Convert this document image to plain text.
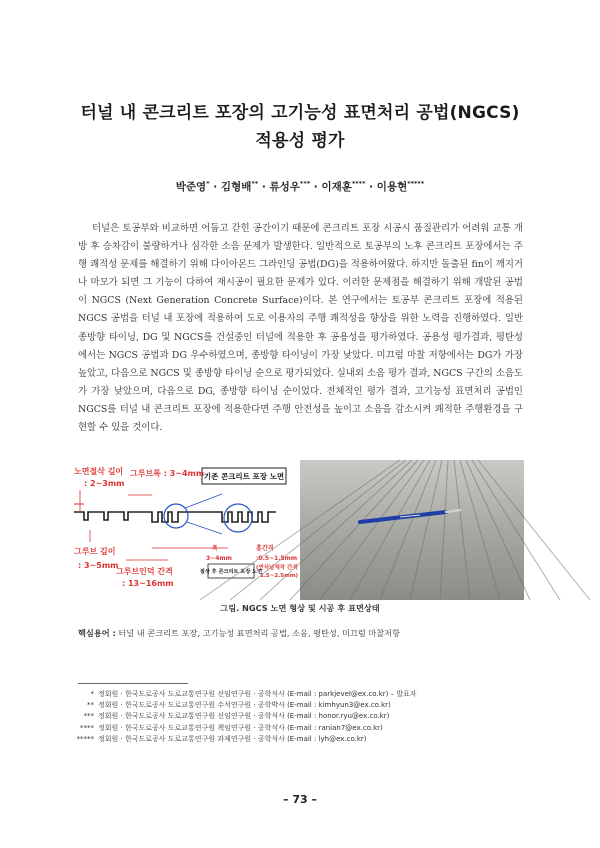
터널 내 콘크리트 포장의 고기능성 표면처리 공법(NGCS)
적용성 평가
박준영* · 김형배** · 류성우*** · 이재훈**** · 이용현*****
터널은 토공부와 비교하면 어둡고 갇힌 공간이기 때문에 콘크리트 포장 시공시 품질관리가 어려워 교통 개방 후 승차감이 불량하거나 심각한 소음 문제가 발생한다. 일반적으로 토공부의 노후 콘크리트 포장에서는 주행 쾌적성 문제를 해결하기 위해 다이아몬드 그라인딩 공법(DG)을 적용하여왔다. 하지만 돌출된 fin이 깨지거나 마모가 되면 그 기능이 다하여 재시공이 필요한 문제가 있다. 이러한 문제점을 해결하기 위해 개발된 공법이 NGCS (Next Generation Concrete Surface)이다. 본 연구에서는 토공부 콘크리트 포장에 적용된 NGCS 공법을 터널 내 포장에 적용하여 도로 이용자의 주행 쾌적성을 향상을 위한 노력을 진행하였다. 일반 종방향 타이닝, DG 및 NGCS를 건설중인 터널에 적용한 후 공용성을 평가하였다. 공용성 평가결과, 평탄성에서는 NGCS 공법과 DG 우수하였으며, 종방향 타이닝이 가장 낮았다. 미끄럼 마찰 저항에서는 DG가 가장 높았고, 다음으로 NGCS 및 종방향 타이닝 순으로 평가되었다. 실내외 소음 평가 결과, NGCS 구간의 소음도가 가장 낮았으며, 다음으로 DG, 종방향 타이닝 순이었다. 전체적인 평가 결과, 고기능성 표면처리 공법인 NGCS를 터널 내 콘크리트 포장에 적용한다면 주행 안전성을 높이고 소음을 감소시켜 쾌적한 주행환경을 구현할 수 있을 것이다.
기존 콘크리트 포장 노면
노면절삭 깊이
: 2~3mm
그루브폭 : 3~4mm
그루브 깊이
: 3~5mm
그루브인덕 간격
: 13~16mm
폭
3~4mm
홈 간격
:0.5~1.5mm
(연삭날제작 간격
1.5~2.5mm)
절삭 후 콘크리트 포장 노면
그림. NGCS 노면 형상 및 시공 후 표면상태
핵심용어 : 터널 내 콘크리트 포장, 고기능성 표면처리 공법, 소음, 평탄성, 미끄럼 마찰저항
* 정회원 · 한국도로공사 도로교통연구원 선임연구원 · 공학석사 (E-mail : parkjevel@ex.co.kr) – 발표자
** 정회원 · 한국도로공사 도로교통연구원 수석연구원 · 공학박사 (E-mail : kimhyun3@ex.co.kr)
*** 정회원 · 한국도로공사 도로교통연구원 선임연구원 · 공학석사 (E-mail : honor.ryu@ex.co.kr)
**** 정회원 · 한국도로공사 도로교통연구원 책임연구원 · 공학석사 (E-mail : ranian7@ex.co.kr)
***** 정회원 · 한국도로공사 도로교통연구원 과제연구원 · 공학석사 (E-mail : lyh@ex.co.kr)
– 73 –
